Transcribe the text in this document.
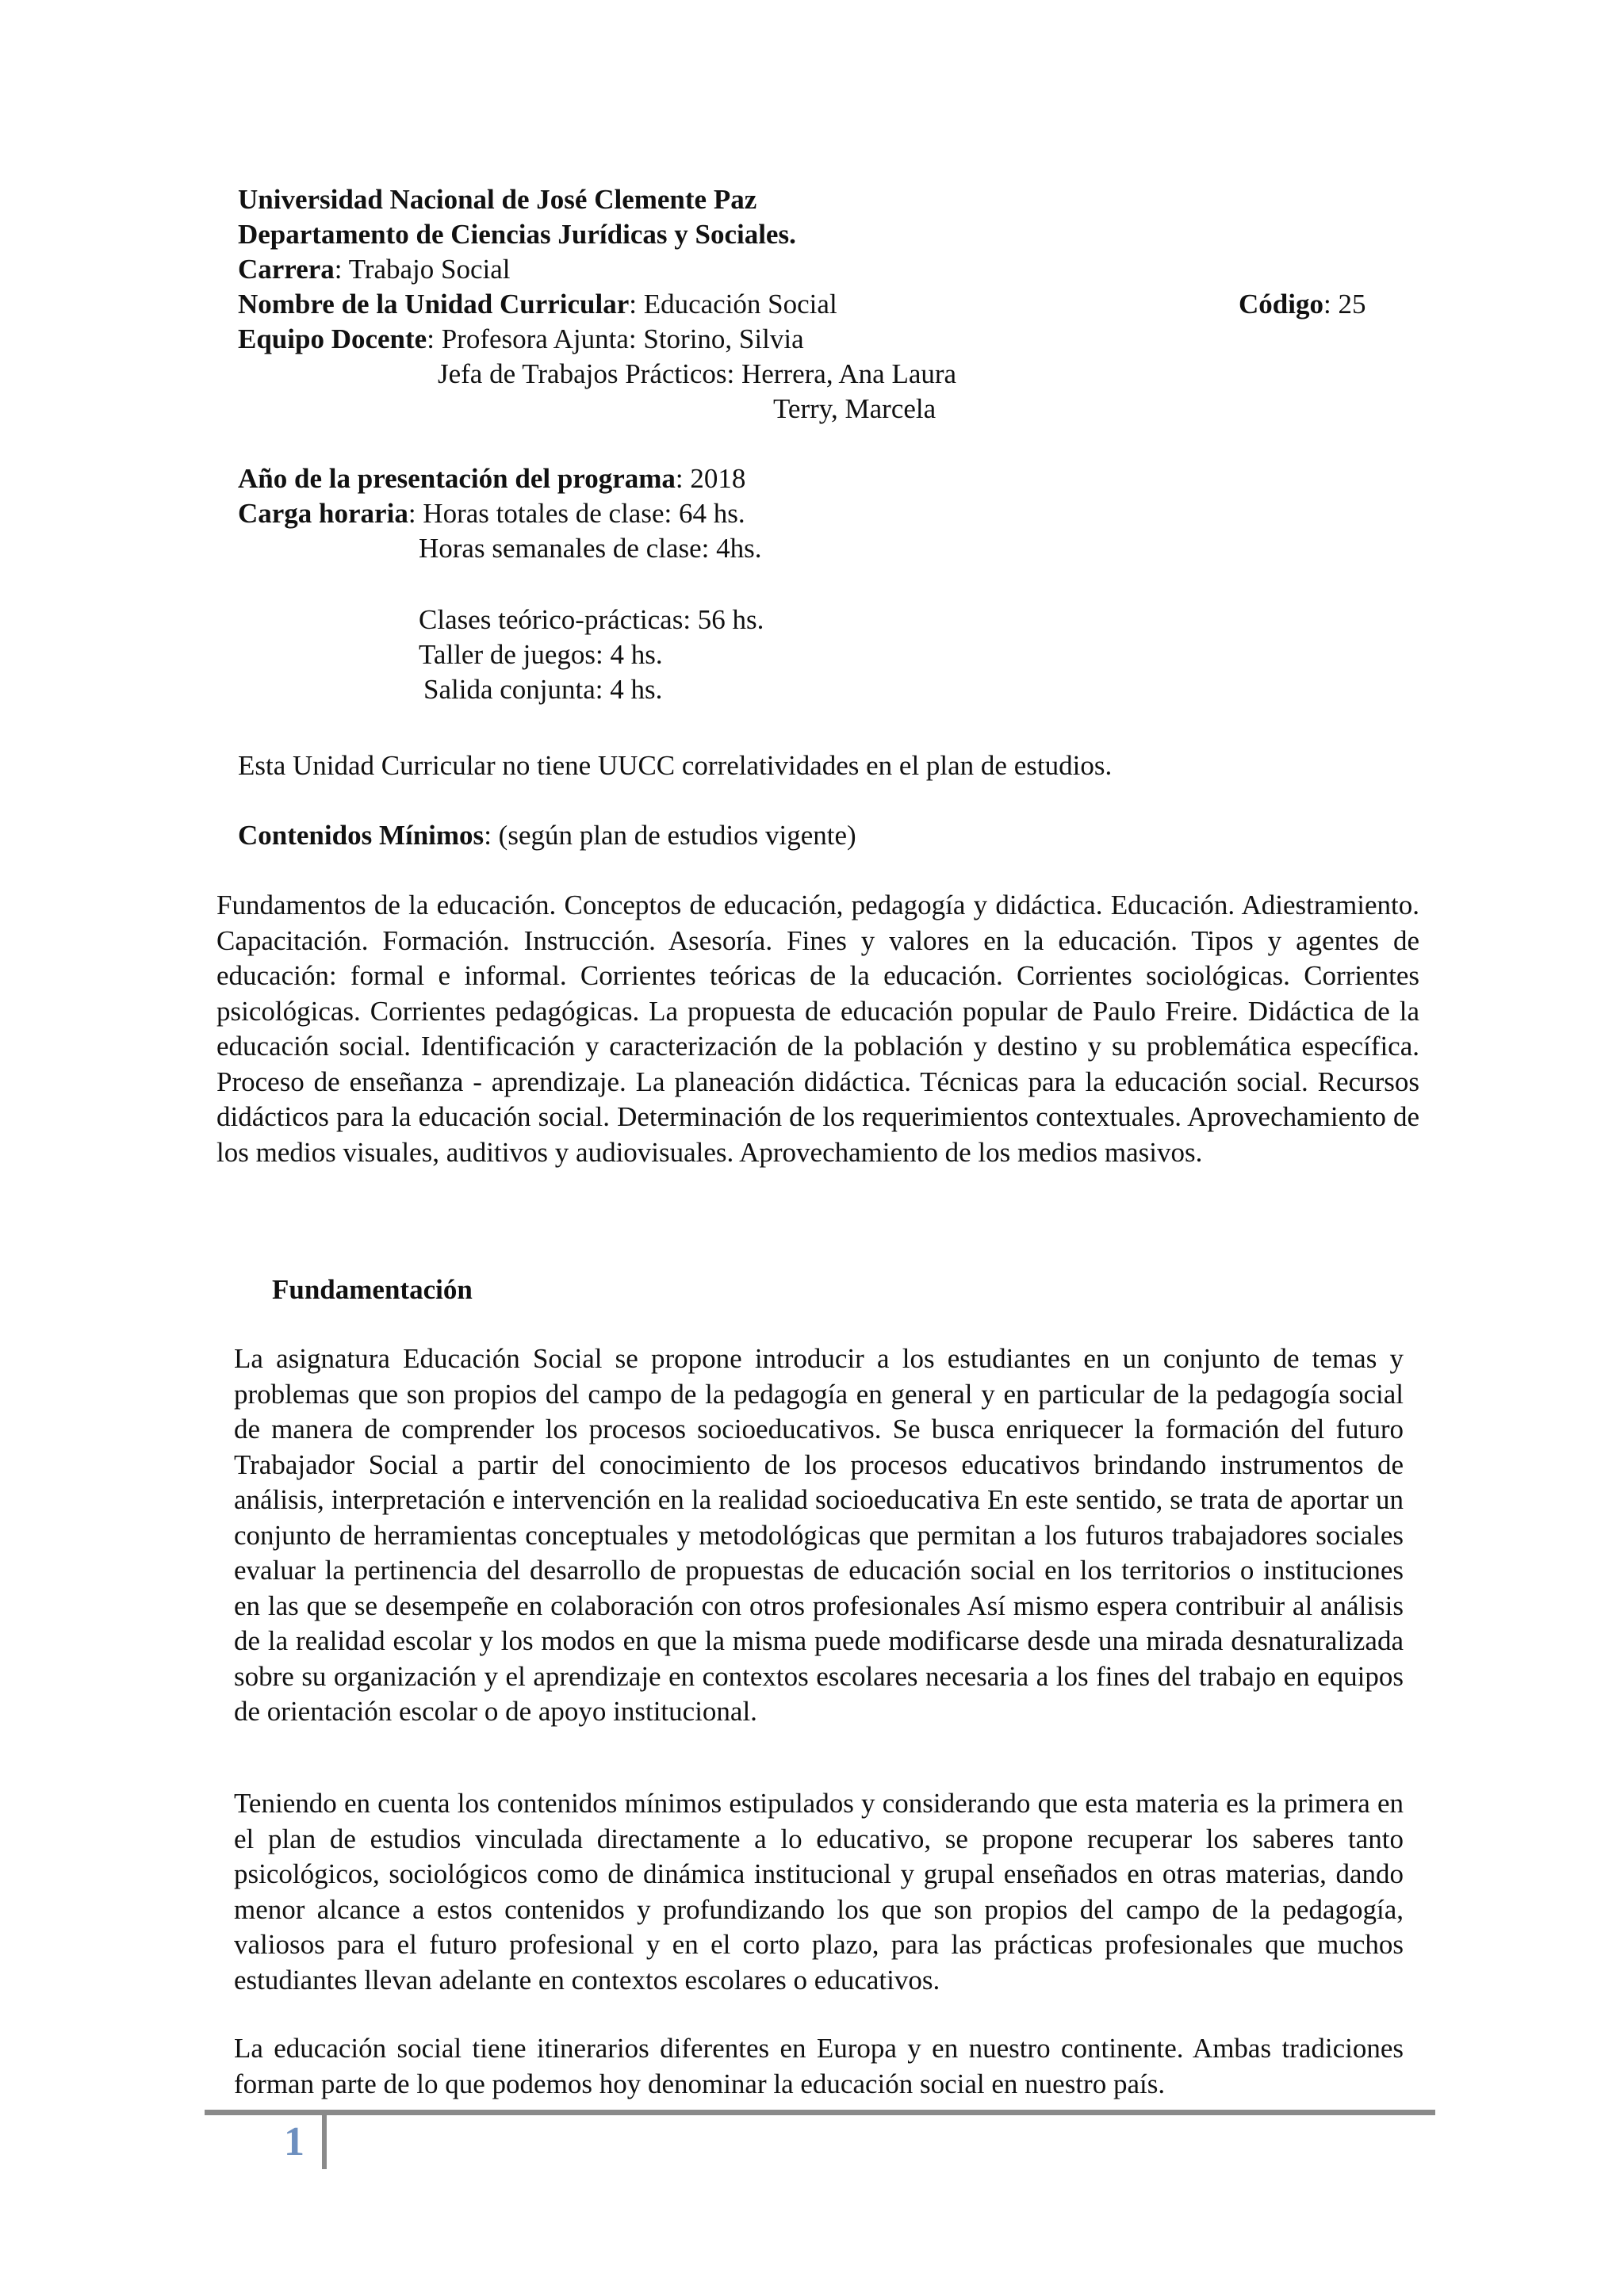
Universidad Nacional de José Clemente Paz
Departamento de Ciencias Jurídicas y Sociales.
Carrera: Trabajo Social
Nombre de la Unidad Curricular: Educación Social	Código: 25
Equipo Docente: Profesora Ajunta: Storino, Silvia
Jefa de Trabajos Prácticos: Herrera, Ana Laura
Terry, Marcela
Año de la presentación del programa: 2018
Carga horaria: Horas totales de clase: 64 hs.
Horas semanales de clase: 4hs.
Clases teórico-prácticas: 56 hs.
Taller de juegos: 4 hs.
Salida conjunta: 4 hs.
Esta Unidad Curricular no tiene UUCC correlatividades en el plan de estudios.
Contenidos Mínimos: (según plan de estudios vigente)
Fundamentos de la educación. Conceptos de educación, pedagogía y didáctica. Educación. Adiestramiento. Capacitación. Formación. Instrucción. Asesoría. Fines y valores en la educación. Tipos y agentes de educación: formal e informal. Corrientes teóricas de la educación. Corrientes sociológicas. Corrientes psicológicas. Corrientes pedagógicas. La propuesta de educación popular de Paulo Freire. Didáctica de la educación social. Identificación y caracterización de la población y destino y su problemática específica. Proceso de enseñanza - aprendizaje. La planeación didáctica. Técnicas para la educación social. Recursos didácticos para la educación social. Determinación de los requerimientos contextuales. Aprovechamiento de los medios visuales, auditivos y audiovisuales. Aprovechamiento de los medios masivos.
Fundamentación
La asignatura Educación Social se propone introducir a los estudiantes en un conjunto de temas y problemas que son propios del campo de la pedagogía en general y en particular de la pedagogía social de manera de comprender los procesos socioeducativos. Se busca enriquecer la formación del futuro Trabajador Social a partir del conocimiento de los procesos educativos brindando instrumentos de análisis, interpretación e intervención en la realidad socioeducativa En este sentido, se trata de aportar un conjunto de herramientas conceptuales y metodológicas que permitan a los futuros trabajadores sociales evaluar la pertinencia del desarrollo de propuestas de educación social en los territorios o instituciones en las que se desempeñe en colaboración con otros profesionales Así mismo espera contribuir al análisis de la realidad escolar y los modos en que la misma puede modificarse desde una mirada desnaturalizada sobre su organización y el aprendizaje en contextos escolares necesaria a los fines del trabajo en equipos de orientación escolar o de apoyo institucional.
Teniendo en cuenta los contenidos mínimos estipulados y considerando que esta materia es la primera en el plan de estudios vinculada directamente a lo educativo, se propone recuperar los saberes tanto psicológicos, sociológicos como de dinámica institucional y grupal enseñados en otras materias, dando menor alcance a estos contenidos y profundizando los que son propios del campo de la pedagogía, valiosos para el futuro profesional y en el corto plazo, para las prácticas profesionales que muchos estudiantes llevan adelante en contextos escolares o educativos.
La educación social tiene itinerarios diferentes en Europa y en nuestro continente. Ambas tradiciones forman parte de lo que podemos hoy denominar la educación social en nuestro país.
1
